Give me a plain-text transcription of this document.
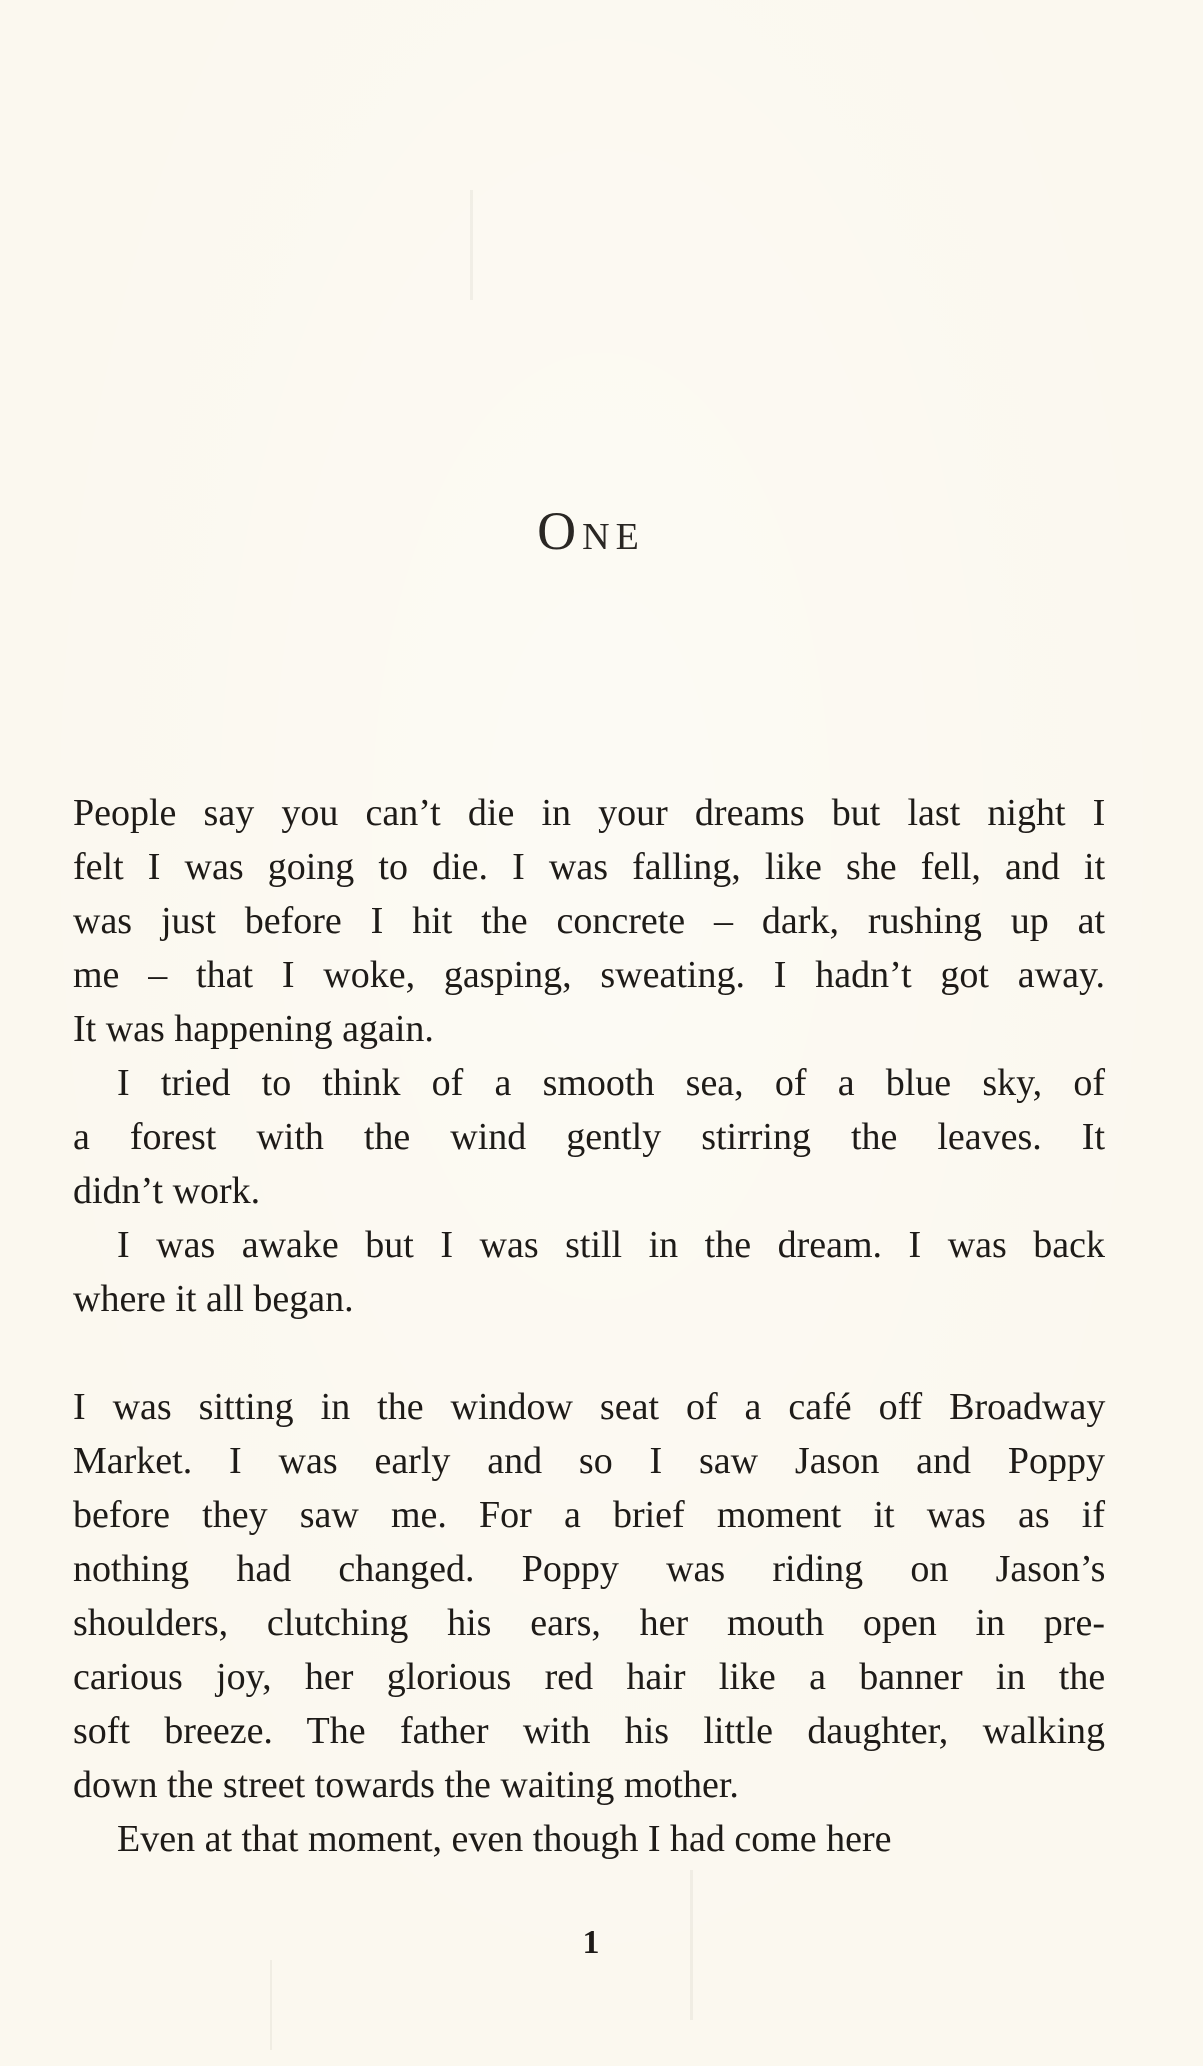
One
People say you can’t die in your dreams but last night I
felt I was going to die. I was falling, like she fell, and it
was just before I hit the concrete – dark, rushing up at
me – that I woke, gasping, sweating. I hadn’t got away.
It was happening again.
I tried to think of a smooth sea, of a blue sky, of
a forest with the wind gently stirring the leaves. It
didn’t work.
I was awake but I was still in the dream. I was back
where it all began.
I was sitting in the window seat of a café off Broadway
Market. I was early and so I saw Jason and Poppy
before they saw me. For a brief moment it was as if
nothing had changed. Poppy was riding on Jason’s
shoulders, clutching his ears, her mouth open in pre-
carious joy, her glorious red hair like a banner in the
soft breeze. The father with his little daughter, walking
down the street towards the waiting mother.
Even at that moment, even though I had come here
1
